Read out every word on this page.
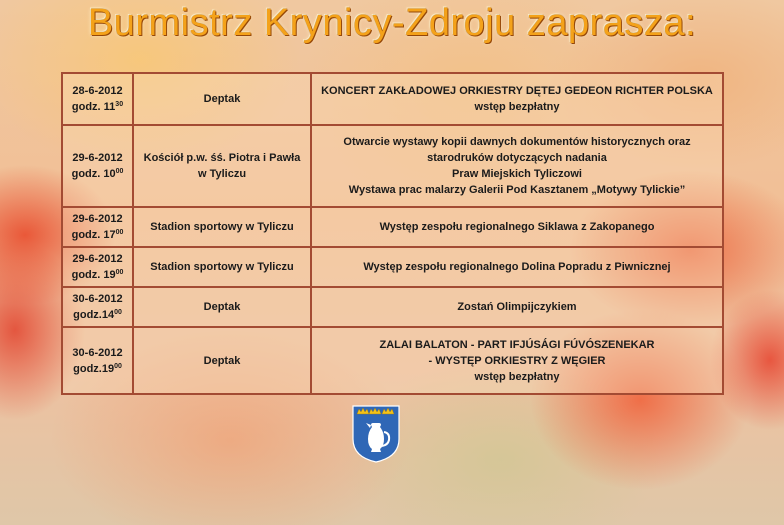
Burmistrz Krynicy-Zdroju zaprasza:
28-6-2012
godz. $11^{30}$	Deptak	KONCERT ZAKŁADOWEJ ORKIESTRY DĘTEJ GEDEON RICHTER POLSKA
wstęp bezpłatny

29-6-2012
godz. $10^{00}$	Kościół p.w. śś. Piotra i Pawła w Tyliczu	Otwarcie wystawy kopii dawnych dokumentów historycznych oraz
starodruków dotyczących nadania
Praw Miejskich Tyliczowi
Wystawa prac malarzy Galerii Pod Kasztanem „Motywy Tylickie”

29-6-2012
godz. $17^{00}$	Stadion sportowy w Tyliczu	Występ zespołu regionalnego Siklawa z Zakopanego

29-6-2012
godz. $19^{00}$	Stadion sportowy w Tyliczu	Występ zespołu regionalnego Dolina Popradu z Piwnicznej

30-6-2012
$godz.14^{00}$	Deptak	Zostań Olimpijczykiem

30-6-2012
$godz.19^{00}$	Deptak	ZALAI BALATON - PART IFJÚSÁGI FÚVÓSZENEKAR
- WYSTĘP ORKIESTRY Z WĘGIER
wstęp bezpłatny
